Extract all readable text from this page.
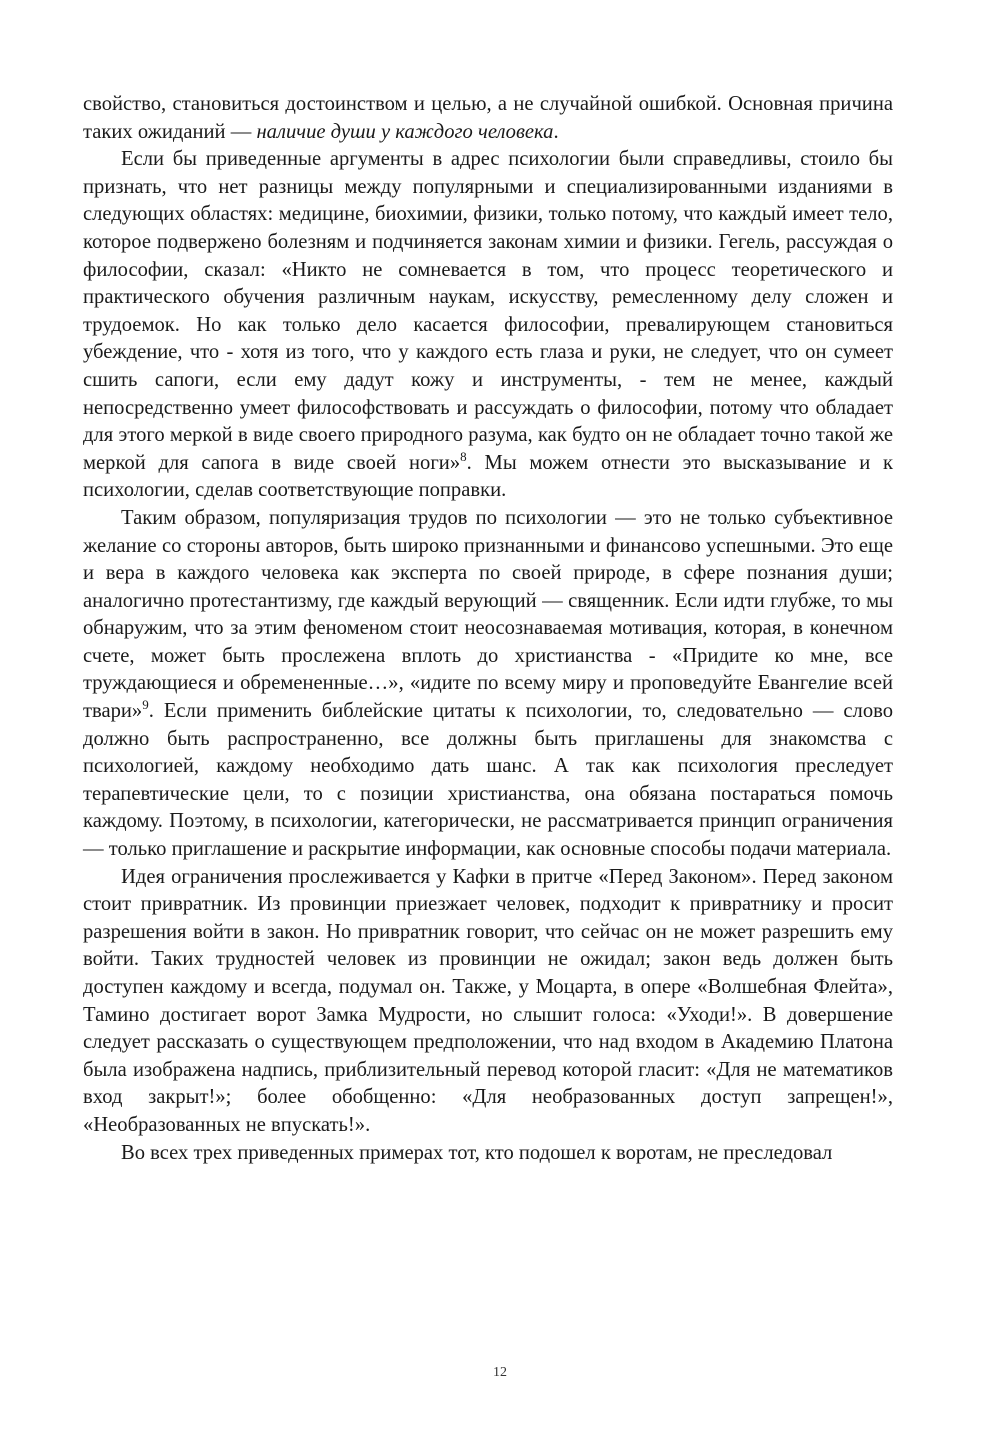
свойство, становиться достоинством и целью, а не случайной ошибкой. Основная причина таких ожиданий — наличие души у каждого человека.

Если бы приведенные аргументы в адрес психологии были справедливы, стоило бы признать, что нет разницы между популярными и специализированными изданиями в следующих областях: медицине, биохимии, физики, только потому, что каждый имеет тело, которое подвержено болезням и подчиняется законам химии и физики. Гегель, рассуждая о философии, сказал: «Никто не сомневается в том, что процесс теоретического и практического обучения различным наукам, искусству, ремесленному делу сложен и трудоемок. Но как только дело касается философии, превалирующем становиться убеждение, что - хотя из того, что у каждого есть глаза и руки, не следует, что он сумеет сшить сапоги, если ему дадут кожу и инструменты, - тем не менее, каждый непосредственно умеет философствовать и рассуждать о философии, потому что обладает для этого меркой в виде своего природного разума, как будто он не обладает точно такой же меркой для сапога в виде своей ноги»$^8$. Мы можем отнести это высказывание и к психологии, сделав соответствующие поправки.

Таким образом, популяризация трудов по психологии — это не только субъективное желание со стороны авторов, быть широко признанными и финансово успешными. Это еще и вера в каждого человека как эксперта по своей природе, в сфере познания души; аналогично протестантизму, где каждый верующий — священник. Если идти глубже, то мы обнаружим, что за этим феноменом стоит неосознаваемая мотивация, которая, в конечном счете, может быть прослежена вплоть до христианства - «Придите ко мне, все труждающиеся и обремененные…», «идите по всему миру и проповедуйте Евангелие всей твари»$^9$. Если применить библейские цитаты к психологии, то, следовательно — слово должно быть распространенно, все должны быть приглашены для знакомства с психологией, каждому необходимо дать шанс. А так как психология преследует терапевтические цели, то с позиции христианства, она обязана постараться помочь каждому. Поэтому, в психологии, категорически, не рассматривается принцип ограничения — только приглашение и раскрытие информации, как основные способы подачи материала.

Идея ограничения прослеживается у Кафки в притче «Перед Законом». Перед законом стоит привратник. Из провинции приезжает человек, подходит к привратнику и просит разрешения войти в закон. Но привратник говорит, что сейчас он не может разрешить ему войти. Таких трудностей человек из провинции не ожидал; закон ведь должен быть доступен каждому и всегда, подумал он. Также, у Моцарта, в опере «Волшебная Флейта», Тамино достигает ворот Замка Мудрости, но слышит голоса: «Уходи!». В довершение следует рассказать о существующем предположении, что над входом в Академию Платона была изображена надпись, приблизительный перевод которой гласит: «Для не математиков вход закрыт!»; более обобщенно: «Для необразованных доступ запрещен!», «Необразованных не впускать!».

Во всех трех приведенных примерах тот, кто подошел к воротам, не преследовал

12
